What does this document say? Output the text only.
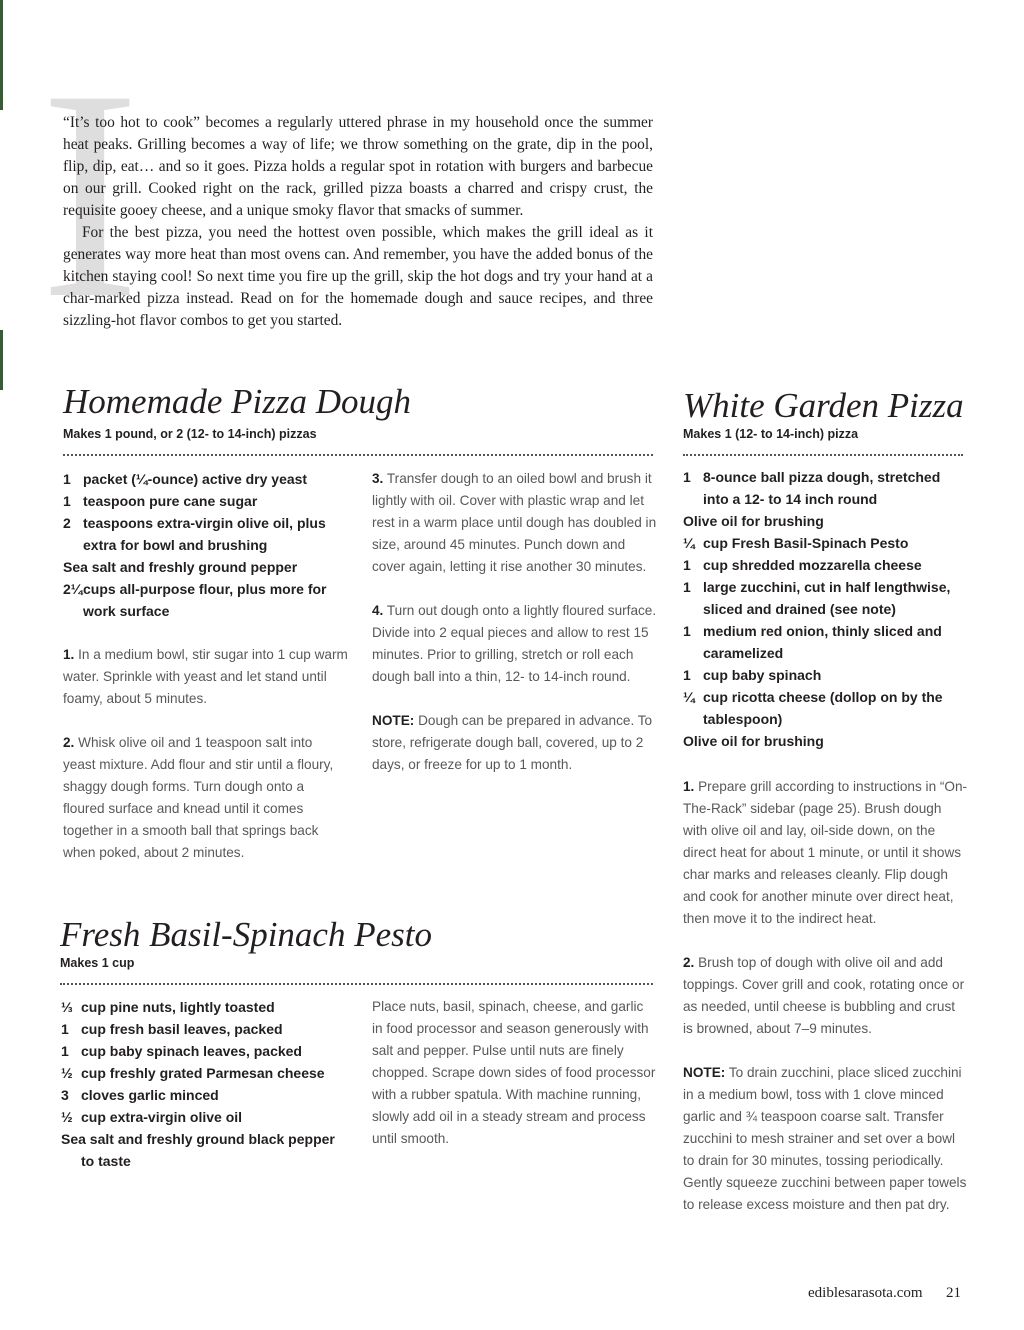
I

“It’s too hot to cook” becomes a regularly uttered phrase in my household once the summer heat peaks. Grilling becomes a way of life; we throw something on the grate, dip in the pool, flip, dip, eat… and so it goes. Pizza holds a regular spot in rotation with burgers and barbecue on our grill. Cooked right on the rack, grilled pizza boasts a charred and crispy crust, the requisite gooey cheese, and a unique smoky flavor that smacks of summer.

For the best pizza, you need the hottest oven possible, which makes the grill ideal as it generates way more heat than most ovens can. And remember, you have the added bonus of the kitchen staying cool! So next time you fire up the grill, skip the hot dogs and try your hand at a char-marked pizza instead. Read on for the homemade dough and sauce recipes, and three sizzling-hot flavor combos to get you started.

Homemade Pizza Dough
Makes 1 pound, or 2 (12- to 14-inch) pizzas
1 packet (¼-ounce) active dry yeast
1 teaspoon pure cane sugar
2 teaspoons extra-virgin olive oil, plus extra for bowl and brushing
Sea salt and freshly ground pepper
2¼ cups all-purpose flour, plus more for work surface

1. In a medium bowl, stir sugar into 1 cup warm water. Sprinkle with yeast and let stand until foamy, about 5 minutes.

2. Whisk olive oil and 1 teaspoon salt into yeast mixture. Add flour and stir until a floury, shaggy dough forms. Turn dough onto a floured surface and knead until it comes together in a smooth ball that springs back when poked, about 2 minutes.

3. Transfer dough to an oiled bowl and brush it lightly with oil. Cover with plastic wrap and let rest in a warm place until dough has doubled in size, around 45 minutes. Punch down and cover again, letting it rise another 30 minutes.

4. Turn out dough onto a lightly floured surface. Divide into 2 equal pieces and allow to rest 15 minutes. Prior to grilling, stretch or roll each dough ball into a thin, 12- to 14-inch round.

NOTE: Dough can be prepared in advance. To store, refrigerate dough ball, covered, up to 2 days, or freeze for up to 1 month.

Fresh Basil-Spinach Pesto
Makes 1 cup
⅓ cup pine nuts, lightly toasted
1 cup fresh basil leaves, packed
1 cup baby spinach leaves, packed
½ cup freshly grated Parmesan cheese
3 cloves garlic minced
½ cup extra-virgin olive oil
Sea salt and freshly ground black pepper to taste

Place nuts, basil, spinach, cheese, and garlic in food processor and season generously with salt and pepper. Pulse until nuts are finely chopped. Scrape down sides of food processor with a rubber spatula. With machine running, slowly add oil in a steady stream and process until smooth.

White Garden Pizza
Makes 1 (12- to 14-inch) pizza
1 8-ounce ball pizza dough, stretched into a 12- to 14 inch round
Olive oil for brushing
¼ cup Fresh Basil-Spinach Pesto
1 cup shredded mozzarella cheese
1 large zucchini, cut in half lengthwise, sliced and drained (see note)
1 medium red onion, thinly sliced and caramelized
1 cup baby spinach
¼ cup ricotta cheese (dollop on by the tablespoon)
Olive oil for brushing

1. Prepare grill according to instructions in “On-The-Rack” sidebar (page 25). Brush dough with olive oil and lay, oil-side down, on the direct heat for about 1 minute, or until it shows char marks and releases cleanly. Flip dough and cook for another minute over direct heat, then move it to the indirect heat.

2. Brush top of dough with olive oil and add toppings. Cover grill and cook, rotating once or as needed, until cheese is bubbling and crust is browned, about 7–9 minutes.

NOTE: To drain zucchini, place sliced zucchini in a medium bowl, toss with 1 clove minced garlic and ¾ teaspoon coarse salt. Transfer zucchini to mesh strainer and set over a bowl to drain for 30 minutes, tossing periodically. Gently squeeze zucchini between paper towels to release excess moisture and then pat dry.

ediblesarasota.com 21
